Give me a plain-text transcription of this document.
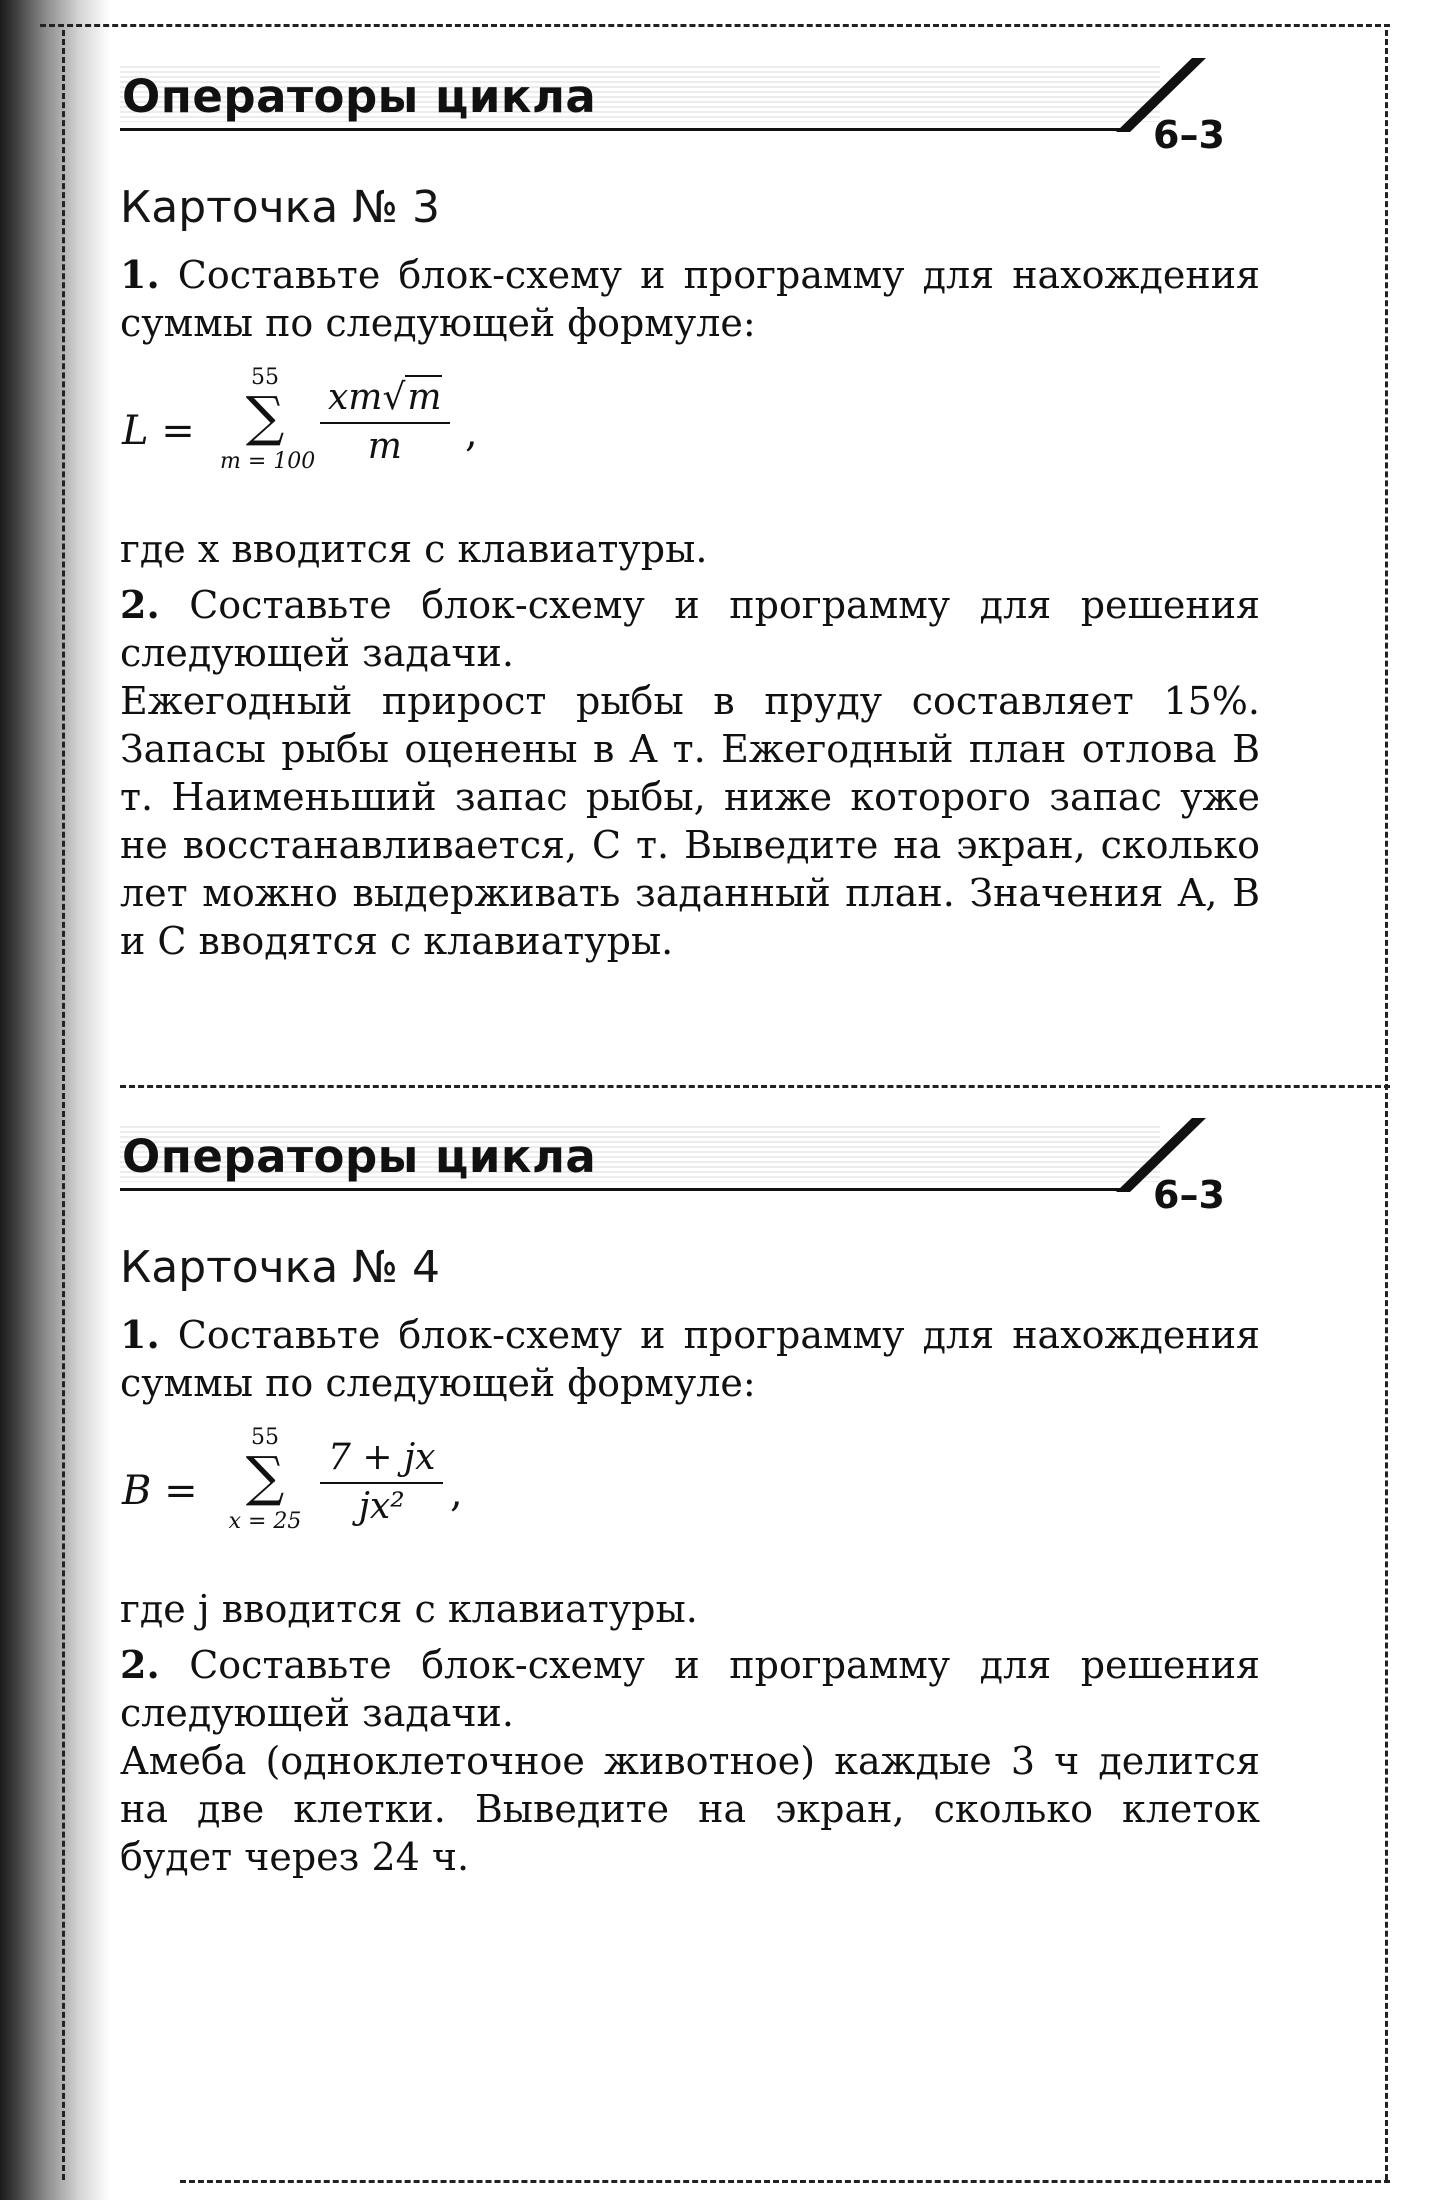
Операторы цикла
6–3
Карточка № 3

1. Составьте блок-схему и программу для нахождения суммы по следующей формуле:

L =
55
∑
$m = 100 \frac{xm√m}{m}$ ,

где x вводится с клавиатуры.

2. Составьте блок-схему и программу для решения следующей задачи.

Ежегодный прирост рыбы в пруду составляет 15%. Запасы рыбы оценены в A т. Ежегодный план отлова B т. Наименьший запас рыбы, ниже которого запас уже не восстанавливается, C т. Выведите на экран, сколько лет можно выдерживать заданный план. Значения A, B и C вводятся с клавиатуры.

Операторы цикла
6–3
Карточка № 4

1. Составьте блок-схему и программу для нахождения суммы по следующей формуле:

B =
55
∑
$x = 25 \frac{7 + jx}{\text{jx²}}$ ,

где j вводится с клавиатуры.

2. Составьте блок-схему и программу для решения следующей задачи.

Амеба (одноклеточное животное) каждые 3 ч делится на две клетки. Выведите на экран, сколько клеток будет через 24 ч.
